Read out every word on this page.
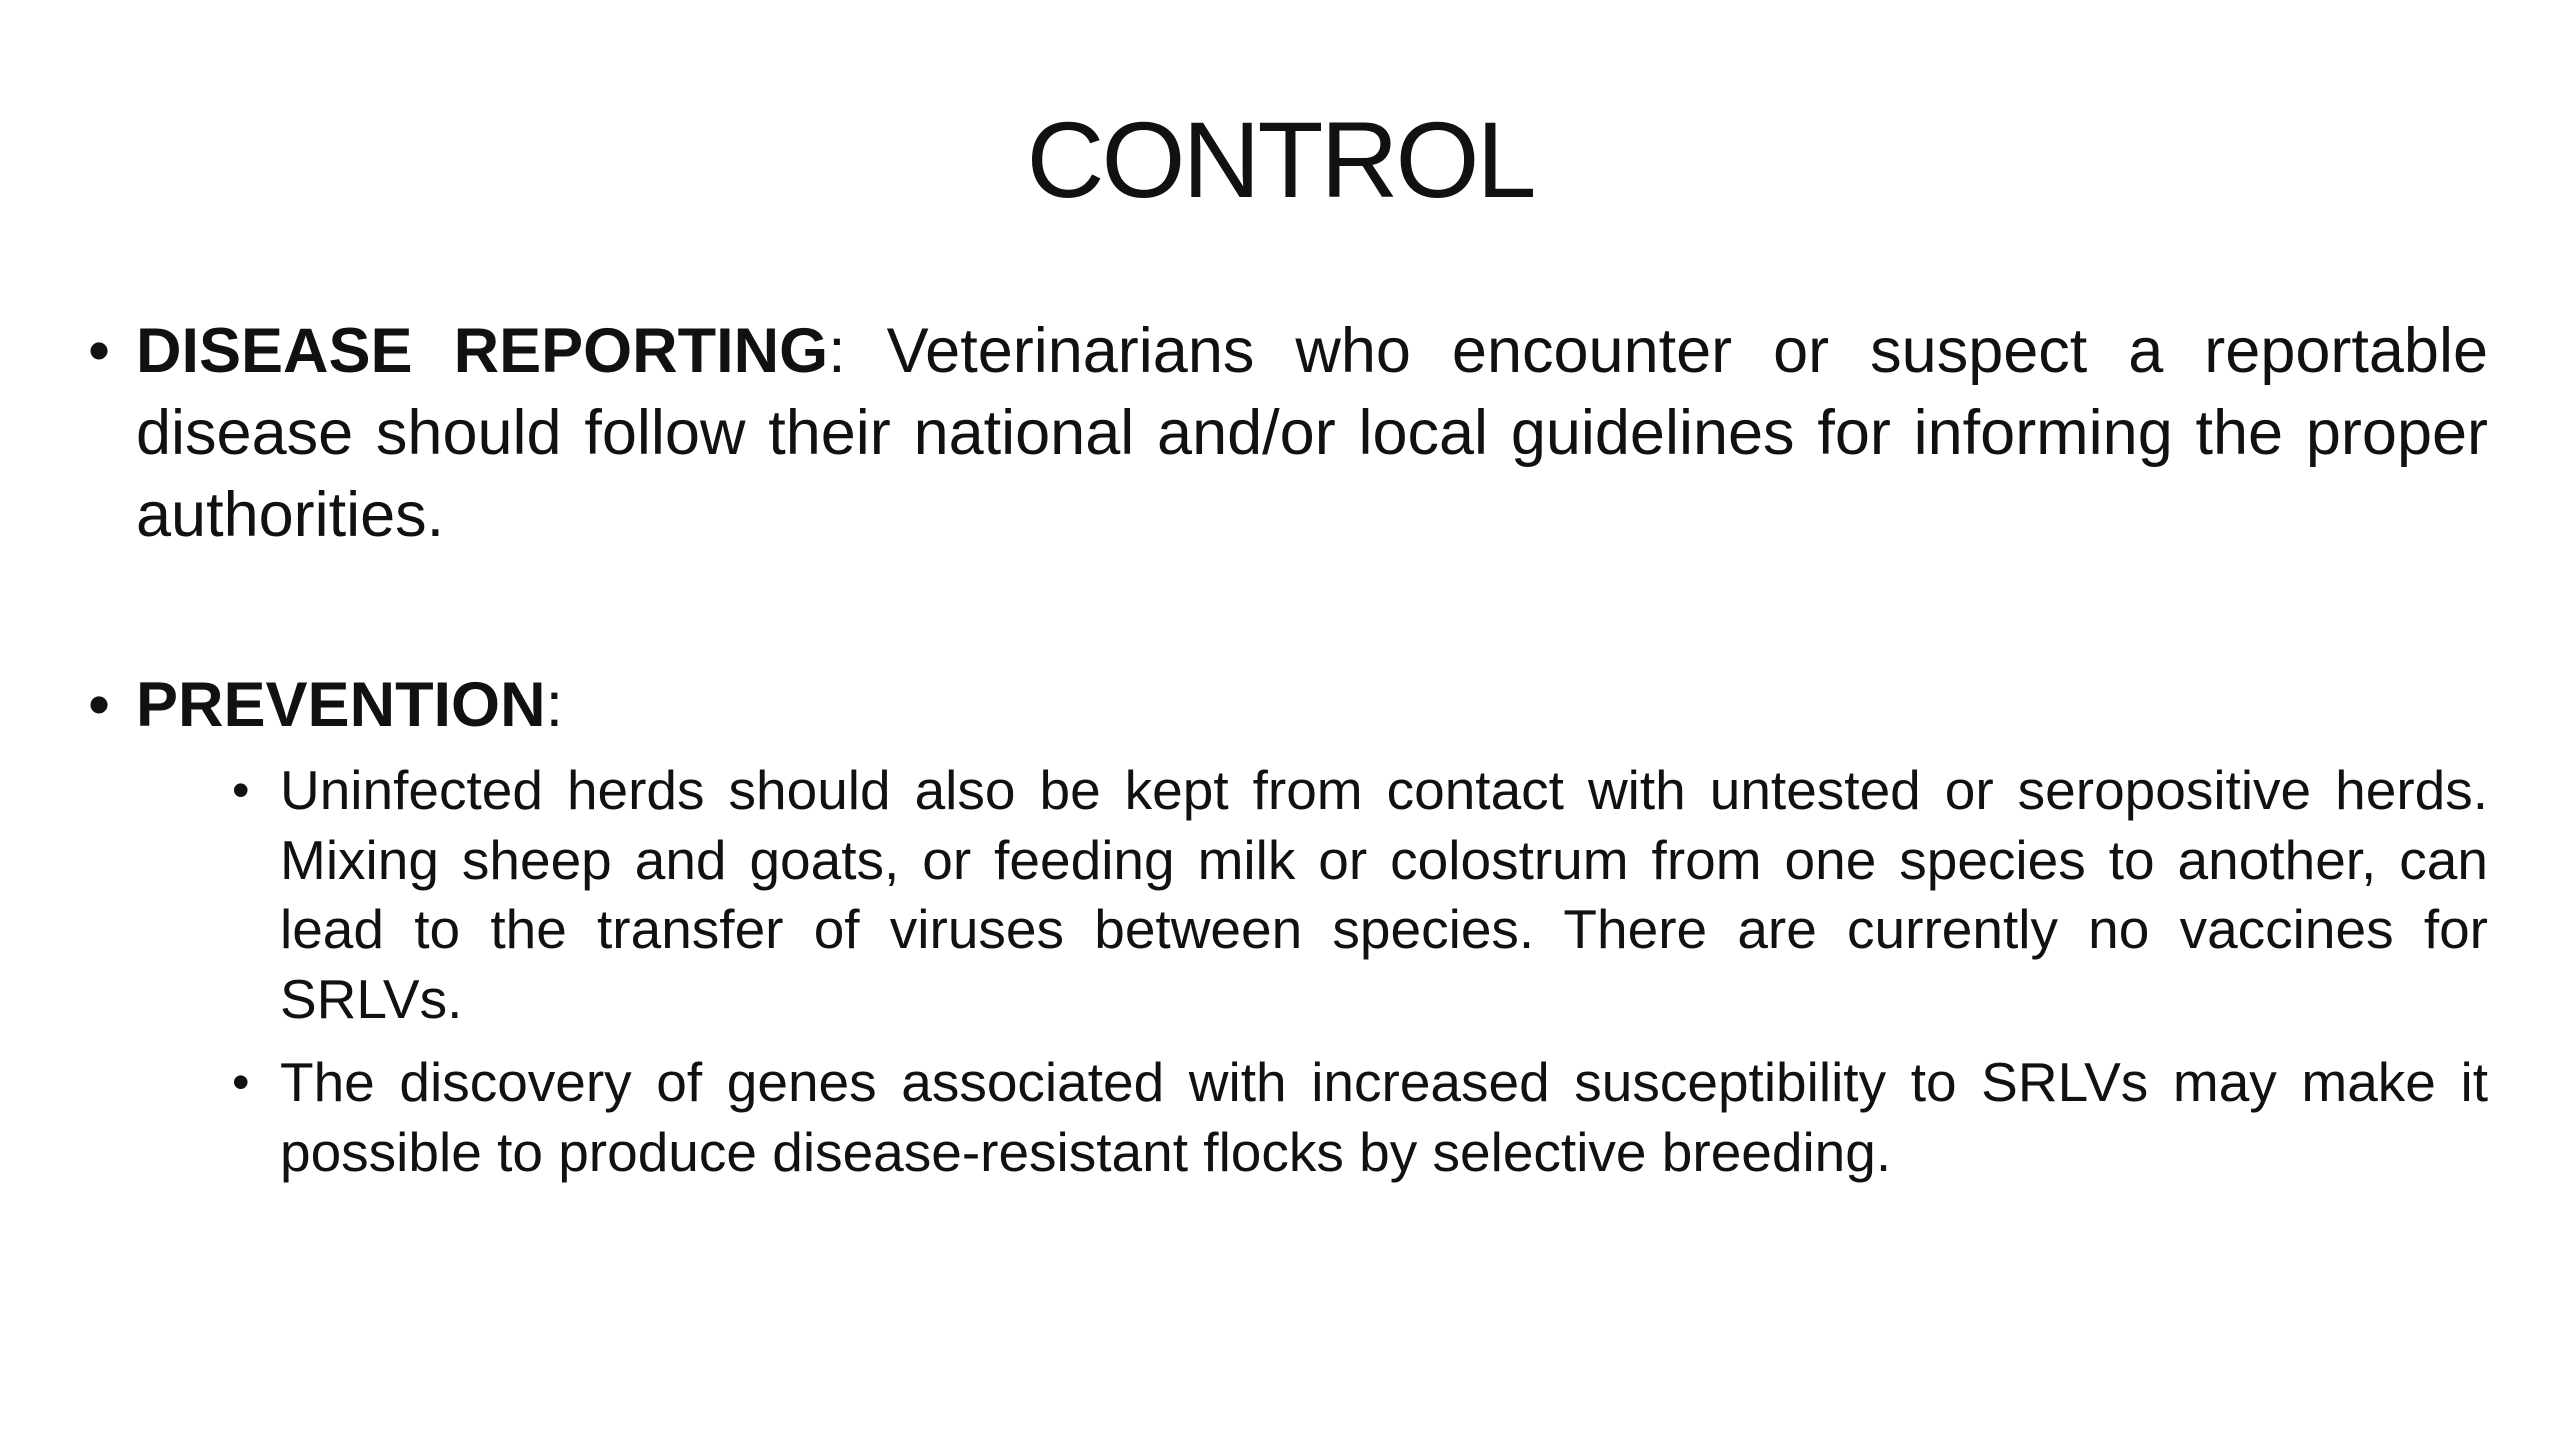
CONTROL
• DISEASE REPORTING: Veterinarians who encounter or suspect a reportable disease should follow their national and/or local guidelines for informing the proper authorities.
• PREVENTION:
• Uninfected herds should also be kept from contact with untested or seropositive herds. Mixing sheep and goats, or feeding milk or colostrum from one species to another, can lead to the transfer of viruses between species. There are currently no vaccines for SRLVs.
• The discovery of genes associated with increased susceptibility to SRLVs may make it possible to produce disease-resistant flocks by selective breeding.
